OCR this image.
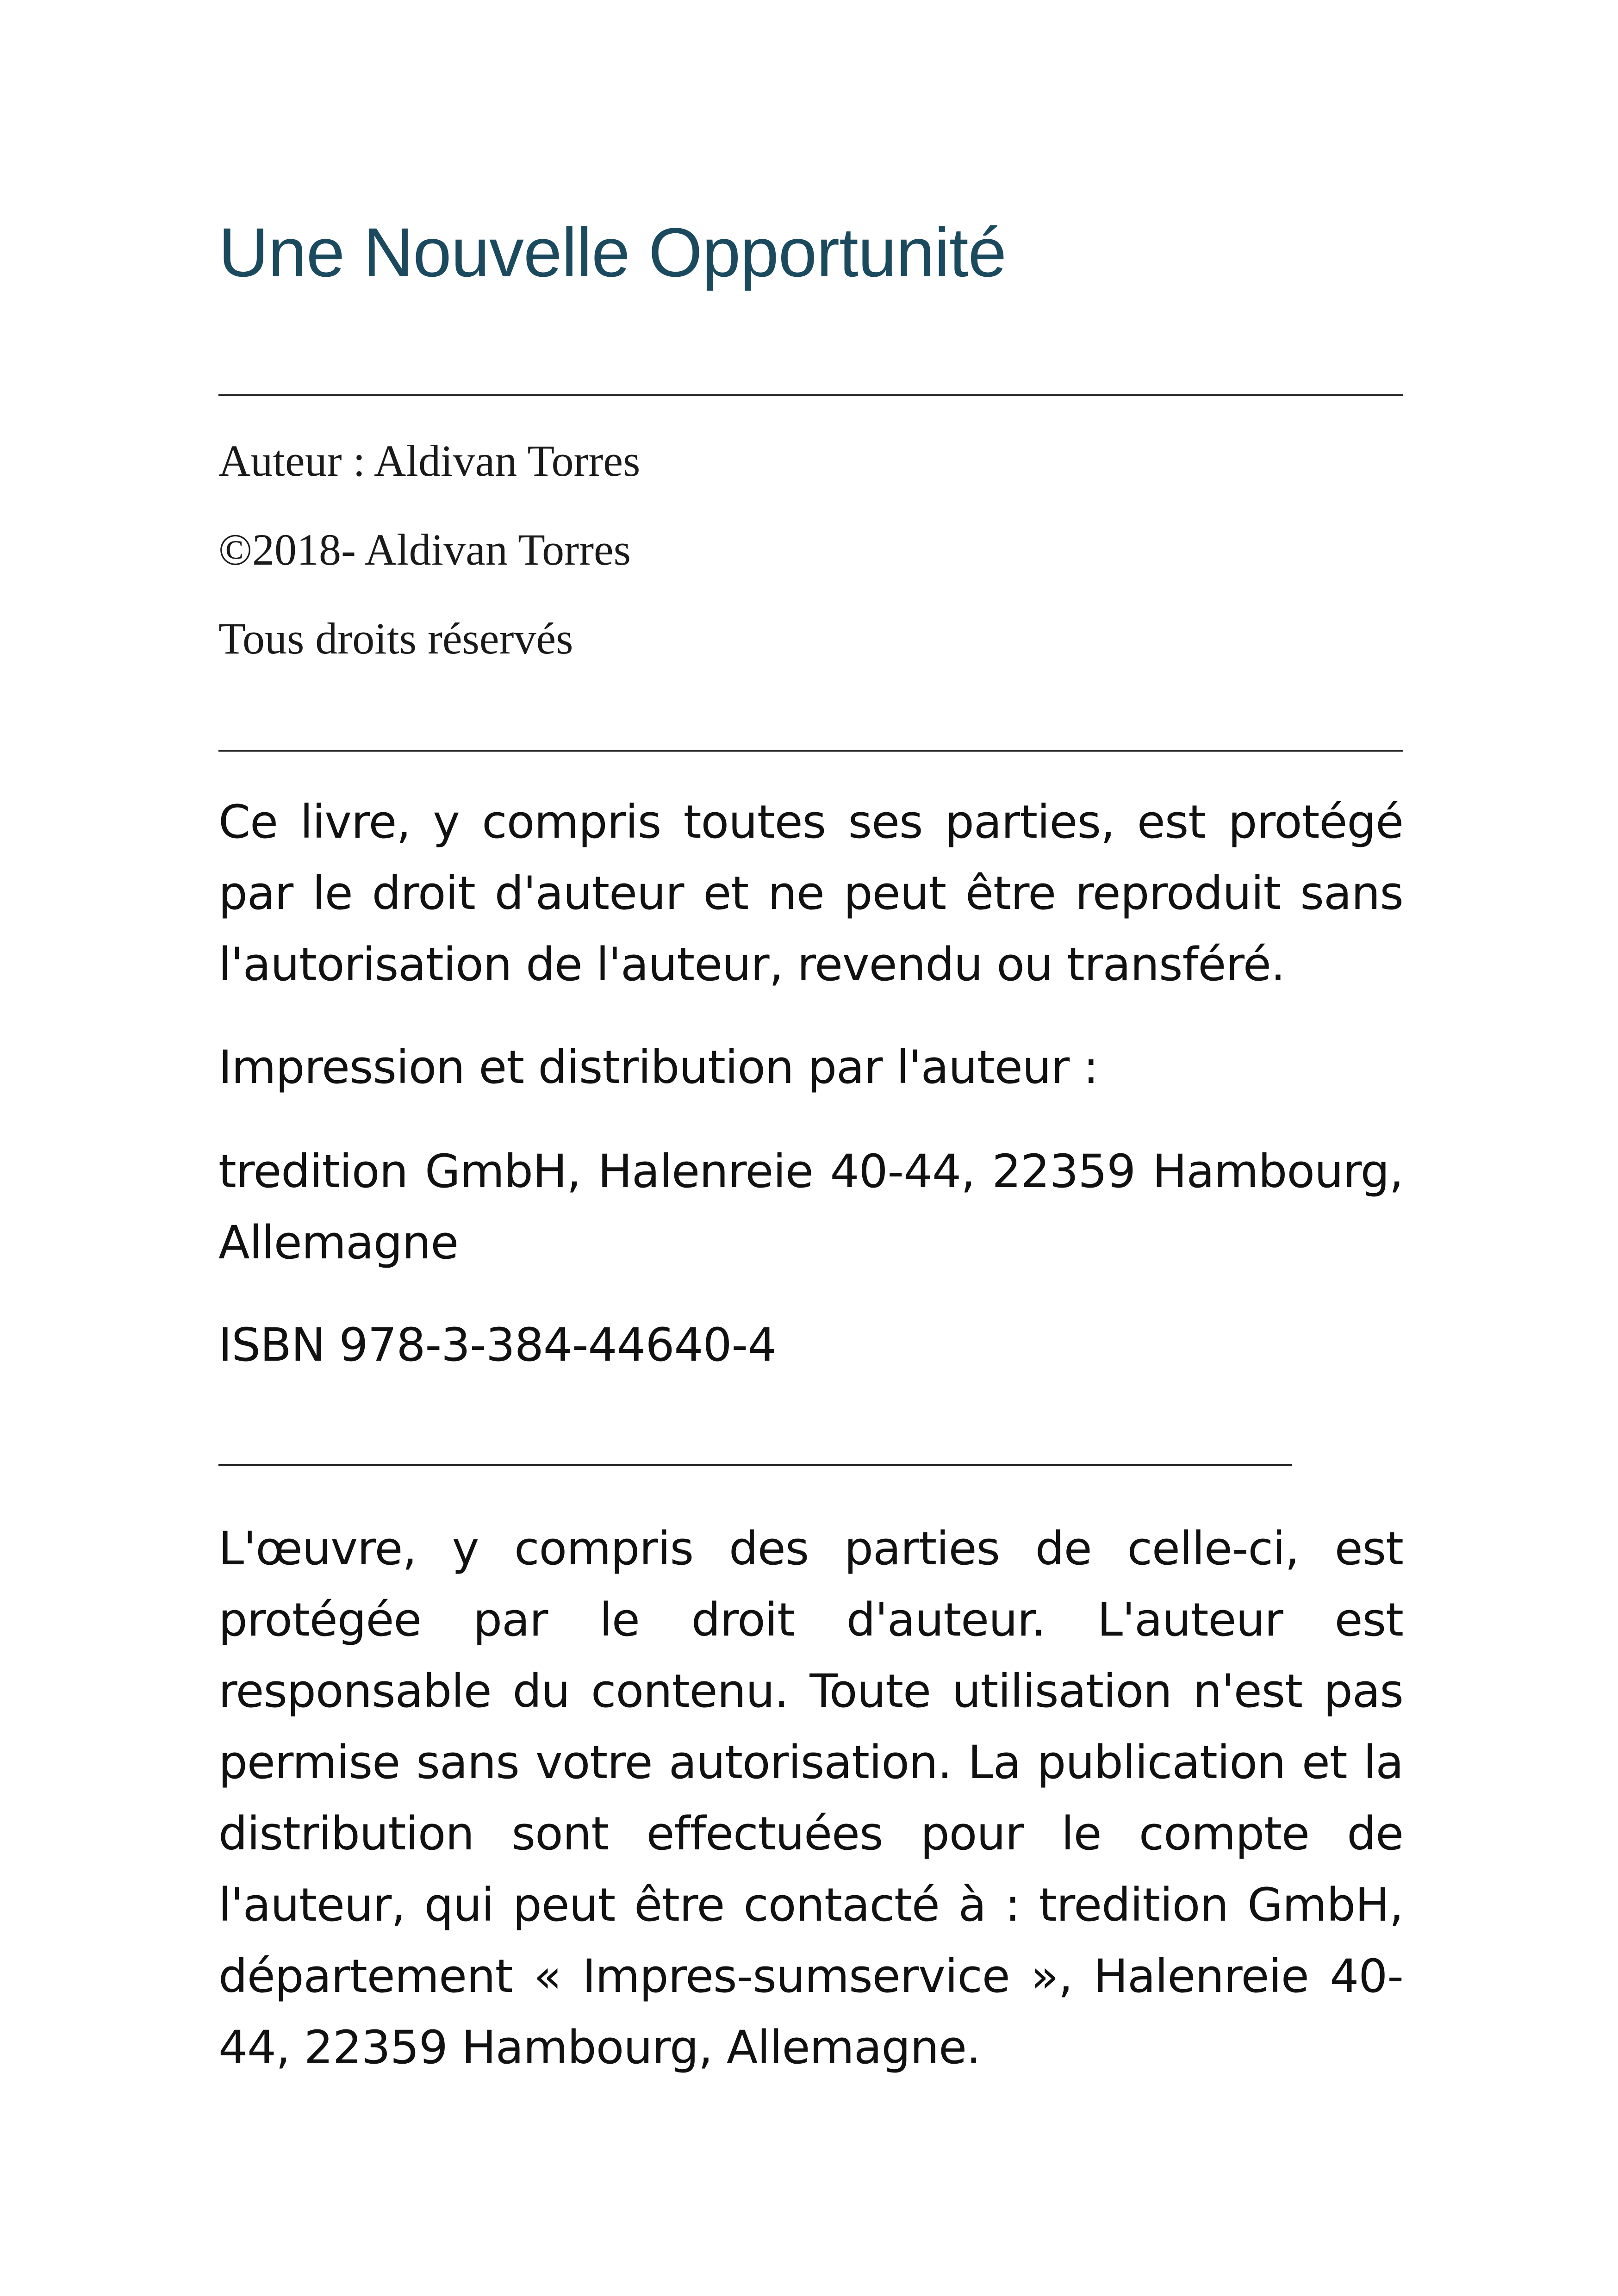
Une Nouvelle Opportunité
Auteur : Aldivan Torres
©2018- Aldivan Torres
Tous droits réservés

Ce livre, y compris toutes ses parties, est protégé par le droit d'auteur et ne peut être reproduit sans l'autorisation de l'auteur, revendu ou transféré.

Impression et distribution par l'auteur :

tredition GmbH, Halenreie 40-44, 22359 Hambourg, Allemagne

ISBN 978-3-384-44640-4

L'œuvre, y compris des parties de celle-ci, est protégée par le droit d'auteur. L'auteur est responsable du contenu. Toute utilisation n'est pas permise sans votre autorisation. La publication et la distribution sont effectuées pour le compte de l'auteur, qui peut être contacté à : tredition GmbH, département « Impres-sumservice », Halenreie 40-44, 22359 Hambourg, Allemagne.
